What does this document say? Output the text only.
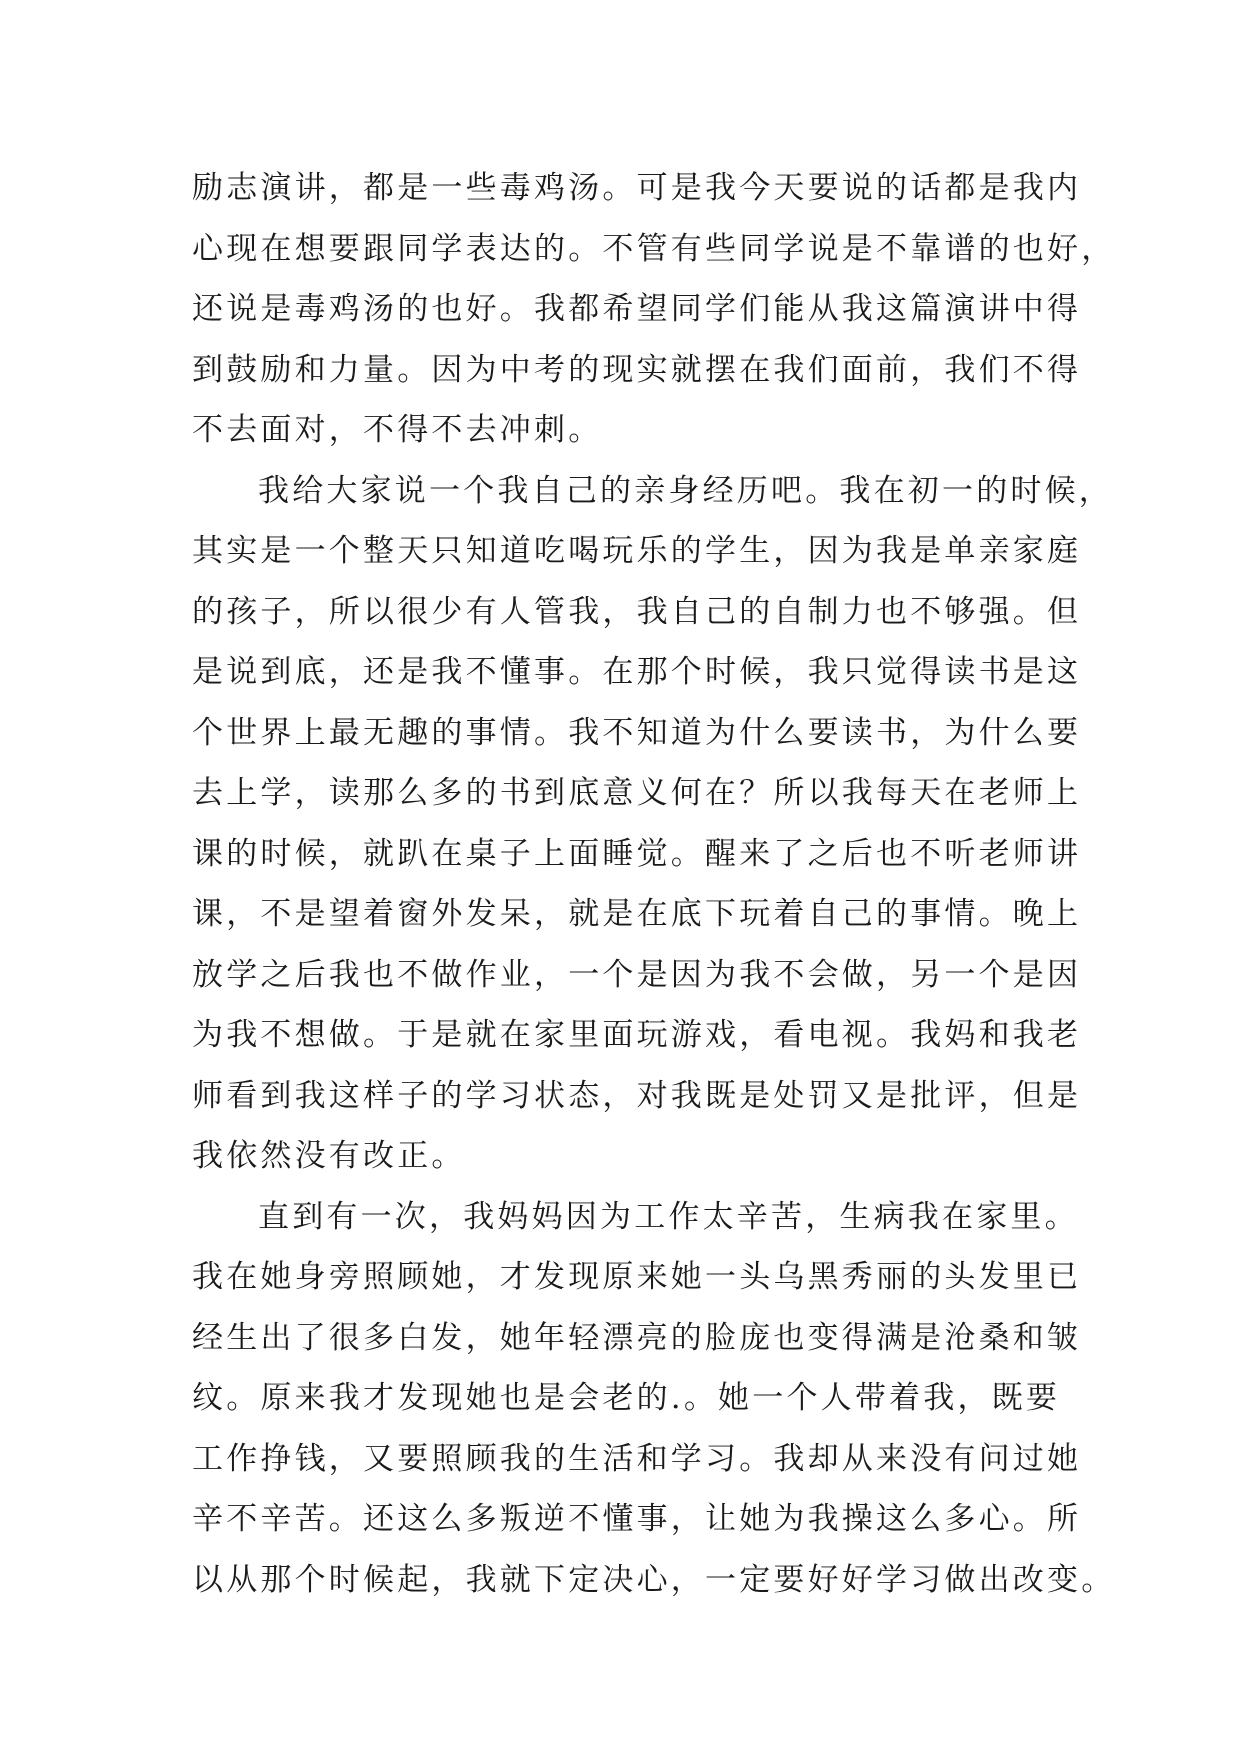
励志演讲，都是一些毒鸡汤。可是我今天要说的话都是我内
心现在想要跟同学表达的。不管有些同学说是不靠谱的也好，
还说是毒鸡汤的也好。我都希望同学们能从我这篇演讲中得
到鼓励和力量。因为中考的现实就摆在我们面前，我们不得
不去面对，不得不去冲刺。
我给大家说一个我自己的亲身经历吧。我在初一的时候，
其实是一个整天只知道吃喝玩乐的学生，因为我是单亲家庭
的孩子，所以很少有人管我，我自己的自制力也不够强。但
是说到底，还是我不懂事。在那个时候，我只觉得读书是这
个世界上最无趣的事情。我不知道为什么要读书，为什么要
去上学，读那么多的书到底意义何在？所以我每天在老师上
课的时候，就趴在桌子上面睡觉。醒来了之后也不听老师讲
课，不是望着窗外发呆，就是在底下玩着自己的事情。晚上
放学之后我也不做作业，一个是因为我不会做，另一个是因
为我不想做。于是就在家里面玩游戏，看电视。我妈和我老
师看到我这样子的学习状态，对我既是处罚又是批评，但是
我依然没有改正。
直到有一次，我妈妈因为工作太辛苦，生病我在家里。
我在她身旁照顾她，才发现原来她一头乌黑秀丽的头发里已
经生出了很多白发，她年轻漂亮的脸庞也变得满是沧桑和皱
纹。原来我才发现她也是会老的.。她一个人带着我，既要
工作挣钱，又要照顾我的生活和学习。我却从来没有问过她
辛不辛苦。还这么多叛逆不懂事，让她为我操这么多心。所
以从那个时候起，我就下定决心，一定要好好学习做出改变。
